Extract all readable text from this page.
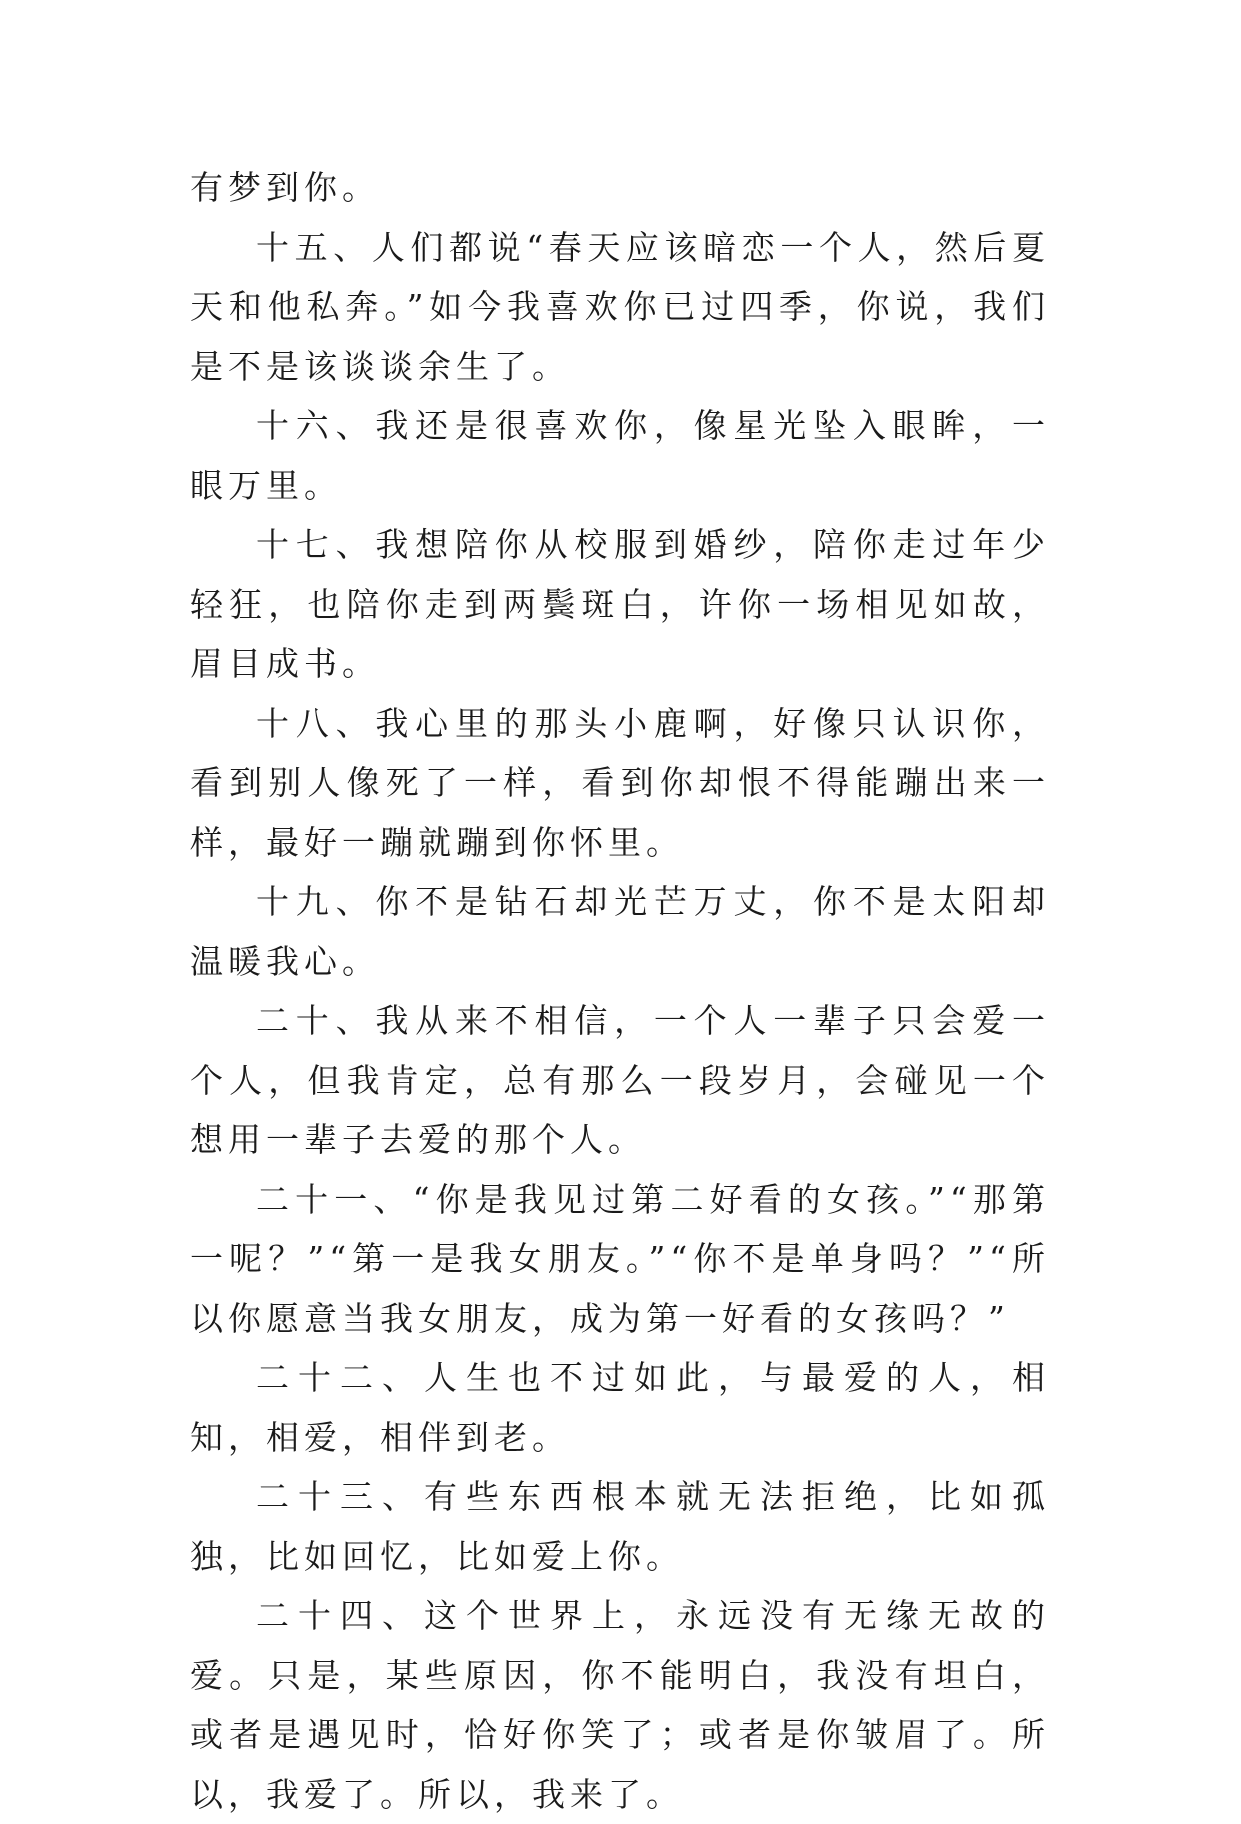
有梦到你。

十五、人们都说“春天应该暗恋一个人，然后夏天和他私奔。”如今我喜欢你已过四季，你说，我们是不是该谈谈余生了。

十六、我还是很喜欢你，像星光坠入眼眸，一眼万里。

十七、我想陪你从校服到婚纱，陪你走过年少轻狂，也陪你走到两鬓斑白，许你一场相见如故，眉目成书。

十八、我心里的那头小鹿啊，好像只认识你，看到别人像死了一样，看到你却恨不得能蹦出来一样，最好一蹦就蹦到你怀里。

十九、你不是钻石却光芒万丈，你不是太阳却温暖我心。

二十、我从来不相信，一个人一辈子只会爱一个人，但我肯定，总有那么一段岁月，会碰见一个想用一辈子去爱的那个人。

二十一、“你是我见过第二好看的女孩。”“那第一呢？”“第一是我女朋友。”“你不是单身吗？”“所以你愿意当我女朋友，成为第一好看的女孩吗？”

二十二、人生也不过如此，与最爱的人，相知，相爱，相伴到老。

二十三、有些东西根本就无法拒绝，比如孤独，比如回忆，比如爱上你。

二十四、这个世界上，永远没有无缘无故的爱。只是，某些原因，你不能明白，我没有坦白，或者是遇见时，恰好你笑了；或者是你皱眉了。所以，我爱了。所以，我来了。
